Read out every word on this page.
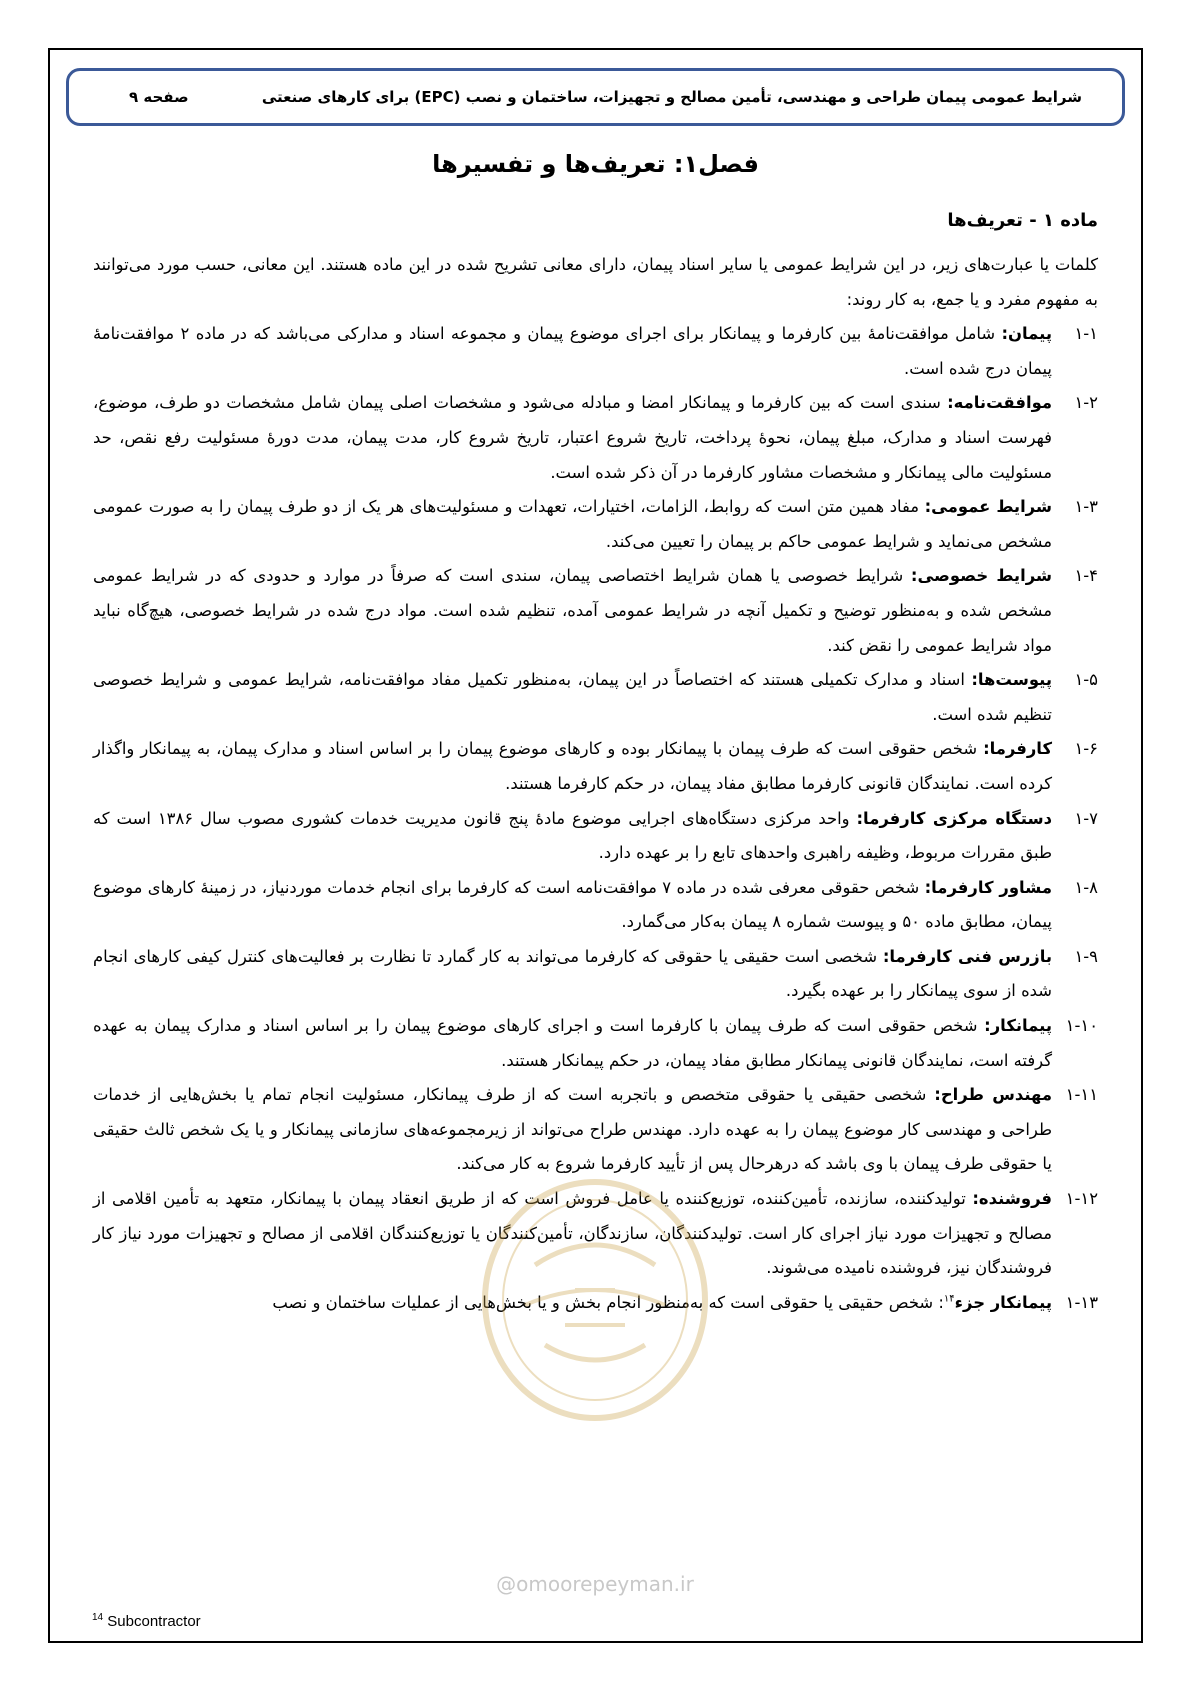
شرایط عمومی پیمان طراحی و مهندسی، تأمین مصالح و تجهیزات، ساختمان و نصب (EPC) برای کارهای صنعتی
صفحه ۹
فصل۱: تعریف‌ها و تفسیرها
ماده ۱ - تعریف‌ها

کلمات یا عبارت‌های زیر، در این شرایط عمومی یا سایر اسناد پیمان، دارای معانی تشریح شده در این ماده هستند. این معانی، حسب مورد می‌توانند به مفهوم مفرد و یا جمع، به کار روند:

۱-۱
پیمان: شامل موافقت‌نامهٔ بین کارفرما و پیمانکار برای اجرای موضوع پیمان و مجموعه اسناد و مدارکی می‌باشد که در ماده ۲ موافقت‌نامهٔ پیمان درج شده است.
۱-۲
موافقت‌نامه: سندی است که بین کارفرما و پیمانکار امضا و مبادله می‌شود و مشخصات اصلی پیمان شامل مشخصات دو طرف، موضوع، فهرست اسناد و مدارک، مبلغ پیمان، نحوهٔ پرداخت، تاریخ شروع اعتبار، تاریخ شروع کار، مدت پیمان، مدت دورهٔ مسئولیت رفع نقص، حد مسئولیت مالی پیمانکار و مشخصات مشاور کارفرما در آن ذکر شده است.
۱-۳
شرایط عمومی: مفاد همین متن است که روابط، الزامات، اختیارات، تعهدات و مسئولیت‌های هر یک از دو طرف پیمان را به صورت عمومی مشخص می‌نماید و شرایط عمومی حاکم بر پیمان را تعیین می‌کند.
۱-۴
شرایط خصوصی: شرایط خصوصی یا همان شرایط اختصاصی پیمان، سندی است که صرفاً در موارد و حدودی که در شرایط عمومی مشخص شده و به‌منظور توضیح و تکمیل آنچه در شرایط عمومی آمده، تنظیم شده است. مواد درج شده در شرایط خصوصی، هیچ‌گاه نباید مواد شرایط عمومی را نقض کند.
۱-۵
پیوست‌ها: اسناد و مدارک تکمیلی هستند که اختصاصاً در این پیمان، به‌منظور تکمیل مفاد موافقت‌نامه، شرایط عمومی و شرایط خصوصی تنظیم شده است.
۱-۶
کارفرما: شخص حقوقی است که طرف پیمان با پیمانکار بوده و کارهای موضوع پیمان را بر اساس اسناد و مدارک پیمان، به پیمانکار واگذار کرده است. نمایندگان قانونی کارفرما مطابق مفاد پیمان، در حکم کارفرما هستند.
۱-۷
دستگاه مرکزی کارفرما: واحد مرکزی دستگاه‌های اجرایی موضوع مادهٔ پنج قانون مدیریت خدمات کشوری مصوب سال ۱۳۸۶ است که طبق مقررات مربوط، وظیفه راهبری واحدهای تابع را بر عهده دارد.
۱-۸
مشاور کارفرما: شخص حقوقی معرفی شده در ماده ۷ موافقت‌نامه است که کارفرما برای انجام خدمات موردنیاز، در زمینهٔ کارهای موضوع پیمان، مطابق ماده ۵۰ و پیوست شماره ۸ پیمان به‌کار می‌گمارد.
۱-۹
بازرس فنی کارفرما: شخصی است حقیقی یا حقوقی که کارفرما می‌تواند به کار گمارد تا نظارت بر فعالیت‌های کنترل کیفی کارهای انجام شده از سوی پیمانکار را بر عهده بگیرد.
۱-۱۰
پیمانکار: شخص حقوقی است که طرف پیمان با کارفرما است و اجرای کارهای موضوع پیمان را بر اساس اسناد و مدارک پیمان به عهده گرفته است، نمایندگان قانونی پیمانکار مطابق مفاد پیمان، در حکم پیمانکار هستند.
۱-۱۱
مهندس طراح: شخصی حقیقی یا حقوقی متخصص و باتجربه است که از طرف پیمانکار، مسئولیت انجام تمام یا بخش‌هایی از خدمات طراحی و مهندسی کار موضوع پیمان را به عهده دارد. مهندس طراح می‌تواند از زیرمجموعه‌های سازمانی پیمانکار و یا یک شخص ثالث حقیقی یا حقوقی طرف پیمان با وی باشد که درهرحال پس از تأیید کارفرما شروع به کار می‌کند.
۱-۱۲
فروشنده: تولیدکننده، سازنده، تأمین‌کننده، توزیع‌کننده یا عامل فروش است که از طریق انعقاد پیمان با پیمانکار، متعهد به تأمین اقلامی از مصالح و تجهیزات مورد نیاز اجرای کار است. تولیدکنندگان، سازندگان، تأمین‌کنندگان یا توزیع‌کنندگان اقلامی از مصالح و تجهیزات مورد نیاز کار فروشندگان نیز، فروشنده نامیده می‌شوند.
۱-۱۳
پیمانکار جزء$^{۱۴}$: شخص حقیقی یا حقوقی است که به‌منظور انجام بخش و یا بخش‌هایی از عملیات ساختمان و نصب
@omoorepeyman.ir
$^{14}$ Subcontractor
